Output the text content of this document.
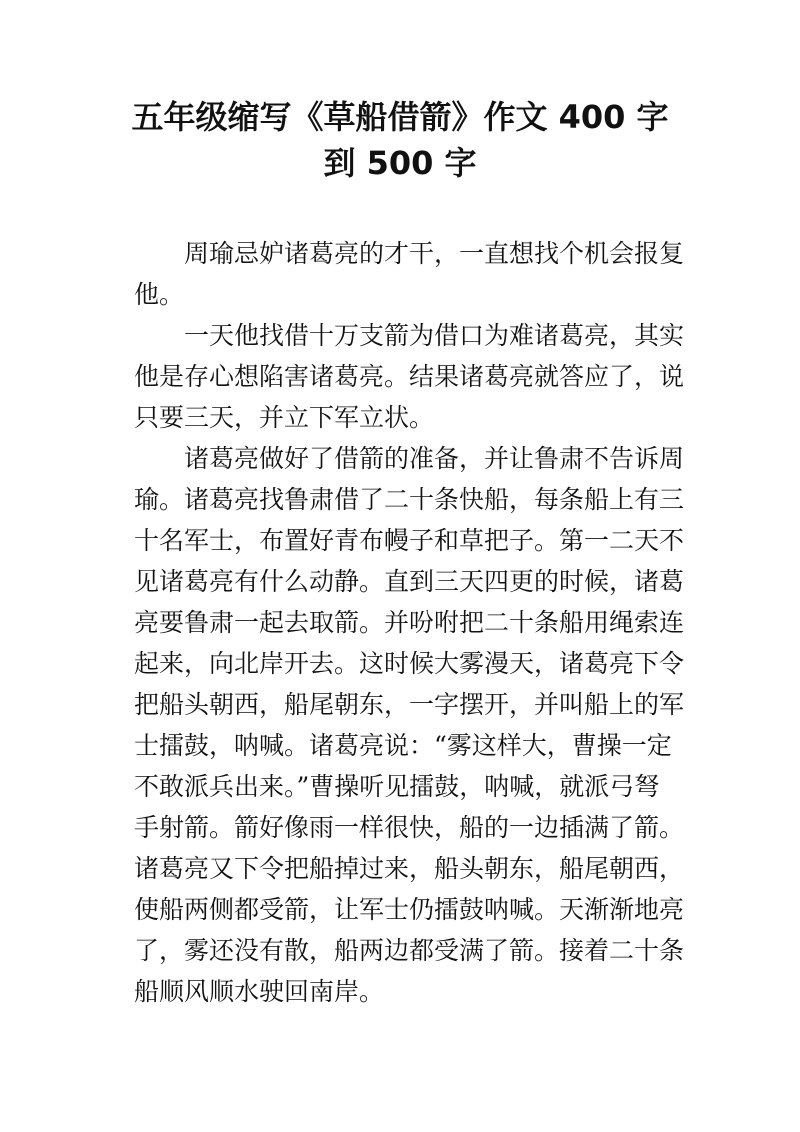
五年级缩写《草船借箭》作文 400 字
到 500 字
周瑜忌妒诸葛亮的才干，一直想找个机会报复
他。
一天他找借十万支箭为借口为难诸葛亮，其实
他是存心想陷害诸葛亮。结果诸葛亮就答应了，说
只要三天，并立下军立状。
诸葛亮做好了借箭的准备，并让鲁肃不告诉周
瑜。诸葛亮找鲁肃借了二十条快船，每条船上有三
十名军士，布置好青布幔子和草把子。第一二天不
见诸葛亮有什么动静。直到三天四更的时候，诸葛
亮要鲁肃一起去取箭。并吩咐把二十条船用绳索连
起来，向北岸开去。这时候大雾漫天，诸葛亮下令
把船头朝西，船尾朝东，一字摆开，并叫船上的军
士擂鼓，呐喊。诸葛亮说：“雾这样大，曹操一定
不敢派兵出来。”曹操听见擂鼓，呐喊，就派弓弩
手射箭。箭好像雨一样很快，船的一边插满了箭。
诸葛亮又下令把船掉过来，船头朝东，船尾朝西，
使船两侧都受箭，让军士仍擂鼓呐喊。天渐渐地亮
了，雾还没有散，船两边都受满了箭。接着二十条
船顺风顺水驶回南岸。
